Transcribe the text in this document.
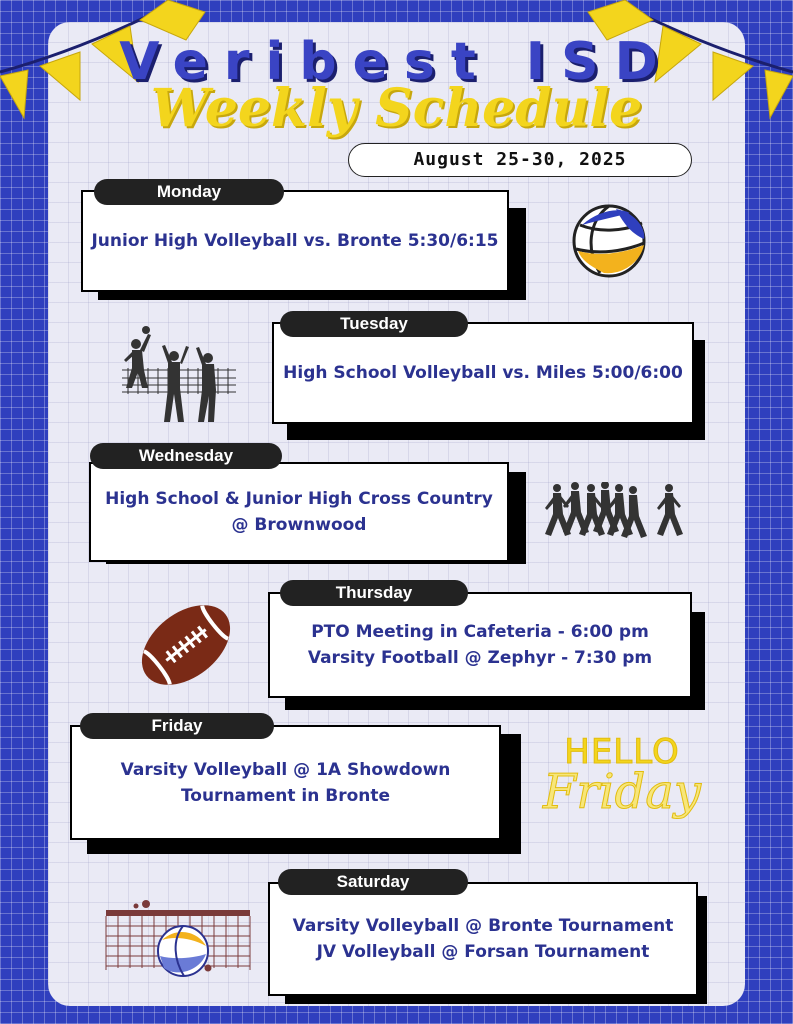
Veribest ISD
Weekly Schedule
August 25-30, 2025
Junior High Volleyball vs. Bronte 5:30/6:15
Monday
High School Volleyball vs. Miles 5:00/6:00
Tuesday
High School & Junior High Cross Country
@ Brownwood
Wednesday
PTO Meeting in Cafeteria - 6:00 pm
Varsity Football @ Zephyr - 7:30 pm
Thursday
Varsity Volleyball @ 1A Showdown
Tournament in Bronte
Friday
HELLO
Friday
Varsity Volleyball @ Bronte Tournament
JV Volleyball @ Forsan Tournament
Saturday
